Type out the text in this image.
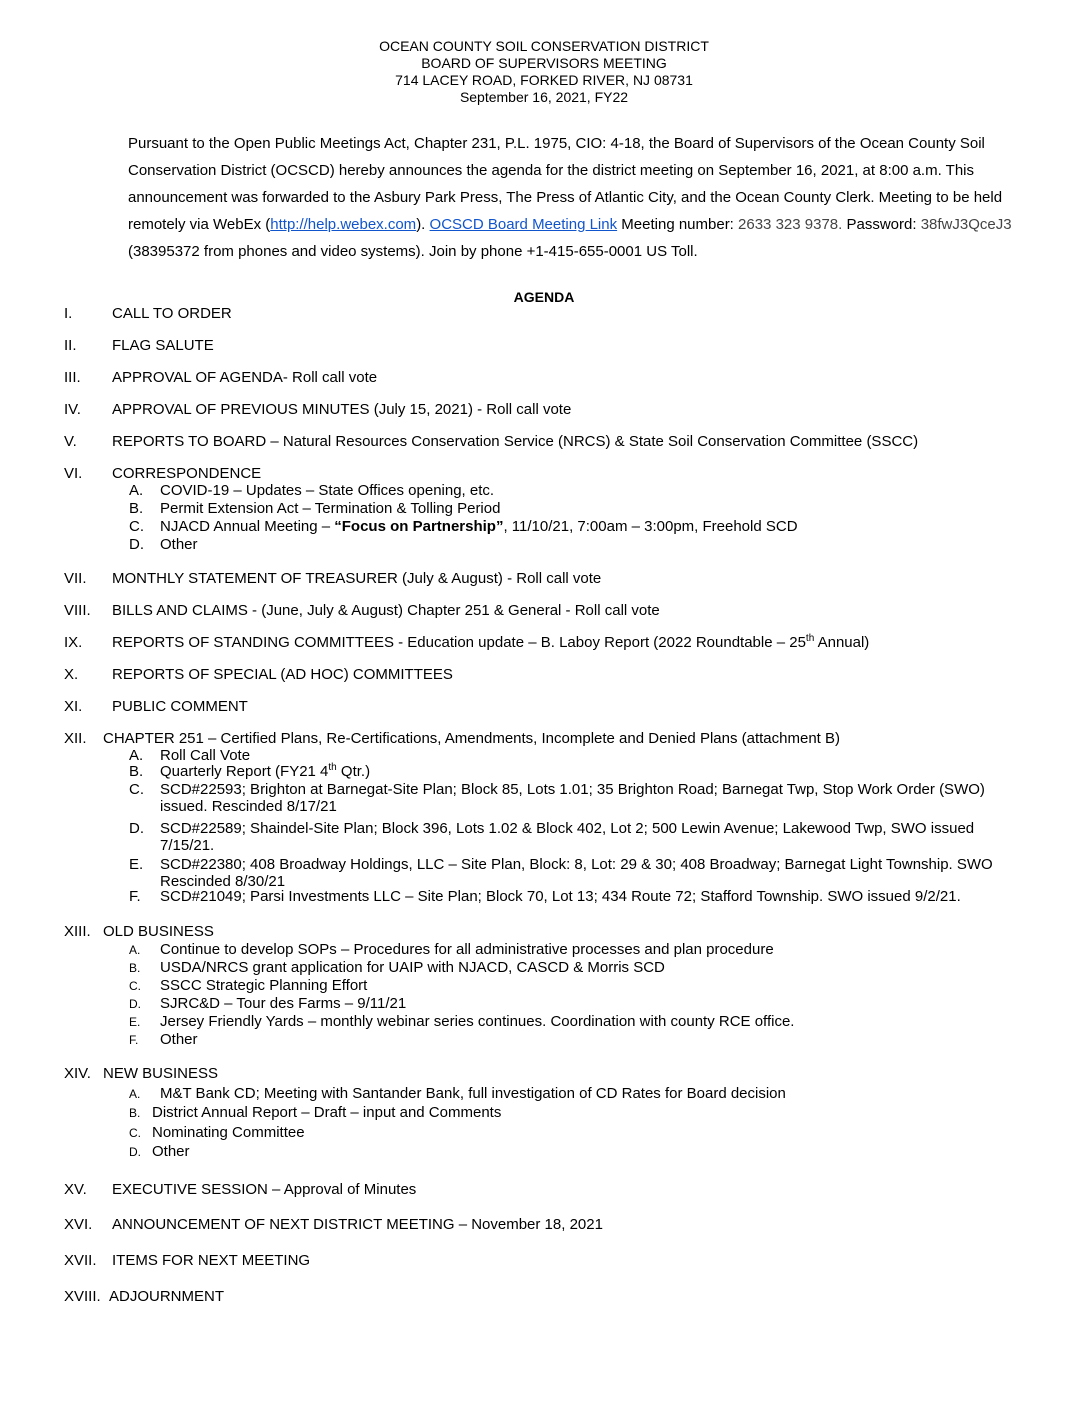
OCEAN COUNTY SOIL CONSERVATION DISTRICT
BOARD OF SUPERVISORS MEETING
714 LACEY ROAD, FORKED RIVER, NJ 08731
September 16, 2021, FY22
Pursuant to the Open Public Meetings Act, Chapter 231, P.L. 1975, CIO: 4-18, the Board of Supervisors of the Ocean County Soil Conservation District (OCSCD) hereby announces the agenda for the district meeting on September 16, 2021, at 8:00 a.m. This announcement was forwarded to the Asbury Park Press, The Press of Atlantic City, and the Ocean County Clerk. Meeting to be held remotely via WebEx (http://help.webex.com). OCSCD Board Meeting Link Meeting number: 2633 323 9378. Password: 38fwJ3QceJ3 (38395372 from phones and video systems). Join by phone +1-415-655-0001 US Toll.
AGENDA
I.	CALL TO ORDER
II. FLAG SALUTE
III. APPROVAL OF AGENDA- Roll call vote
IV. APPROVAL OF PREVIOUS MINUTES (July 15, 2021) - Roll call vote
V. REPORTS TO BOARD – Natural Resources Conservation Service (NRCS) & State Soil Conservation Committee (SSCC)
VI. CORRESPONDENCE
A. COVID-19 – Updates – State Offices opening, etc.
B. Permit Extension Act – Termination & Tolling Period
C. NJACD Annual Meeting – “Focus on Partnership”, 11/10/21, 7:00am – 3:00pm, Freehold SCD
D. Other
VII. MONTHLY STATEMENT OF TREASURER (July & August) - Roll call vote
VIII. BILLS AND CLAIMS - (June, July & August) Chapter 251 & General - Roll call vote
IX. REPORTS OF STANDING COMMITTEES - Education update – B. Laboy Report (2022 Roundtable – 25th Annual)
X. REPORTS OF SPECIAL (AD HOC) COMMITTEES
XI. PUBLIC COMMENT
XII. CHAPTER 251 – Certified Plans, Re-Certifications, Amendments, Incomplete and Denied Plans (attachment B)
A. Roll Call Vote
B. Quarterly Report (FY21 4th Qtr.)
C. SCD#22593; Brighton at Barnegat-Site Plan; Block 85, Lots 1.01; 35 Brighton Road; Barnegat Twp, Stop Work Order (SWO) issued. Rescinded 8/17/21
D. SCD#22589; Shaindel-Site Plan; Block 396, Lots 1.02 & Block 402, Lot 2; 500 Lewin Avenue; Lakewood Twp, SWO issued 7/15/21.
E. SCD#22380; 408 Broadway Holdings, LLC – Site Plan, Block: 8, Lot: 29 & 30; 408 Broadway; Barnegat Light Township. SWO Rescinded 8/30/21
F. SCD#21049; Parsi Investments LLC – Site Plan; Block 70, Lot 13; 434 Route 72; Stafford Township. SWO issued 9/2/21.
XIII. OLD BUSINESS
A. Continue to develop SOPs – Procedures for all administrative processes and plan procedure
B. USDA/NRCS grant application for UAIP with NJACD, CASCD & Morris SCD
C. SSCC Strategic Planning Effort
D. SJRC&D – Tour des Farms – 9/11/21
E. Jersey Friendly Yards – monthly webinar series continues. Coordination with county RCE office.
F. Other
XIV. NEW BUSINESS
A. M&T Bank CD; Meeting with Santander Bank, full investigation of CD Rates for Board decision
B. District Annual Report – Draft – input and Comments
C. Nominating Committee
D. Other
XV. EXECUTIVE SESSION – Approval of Minutes
XVI. ANNOUNCEMENT OF NEXT DISTRICT MEETING – November 18, 2021
XVII. ITEMS FOR NEXT MEETING
XVIII. ADJOURNMENT
